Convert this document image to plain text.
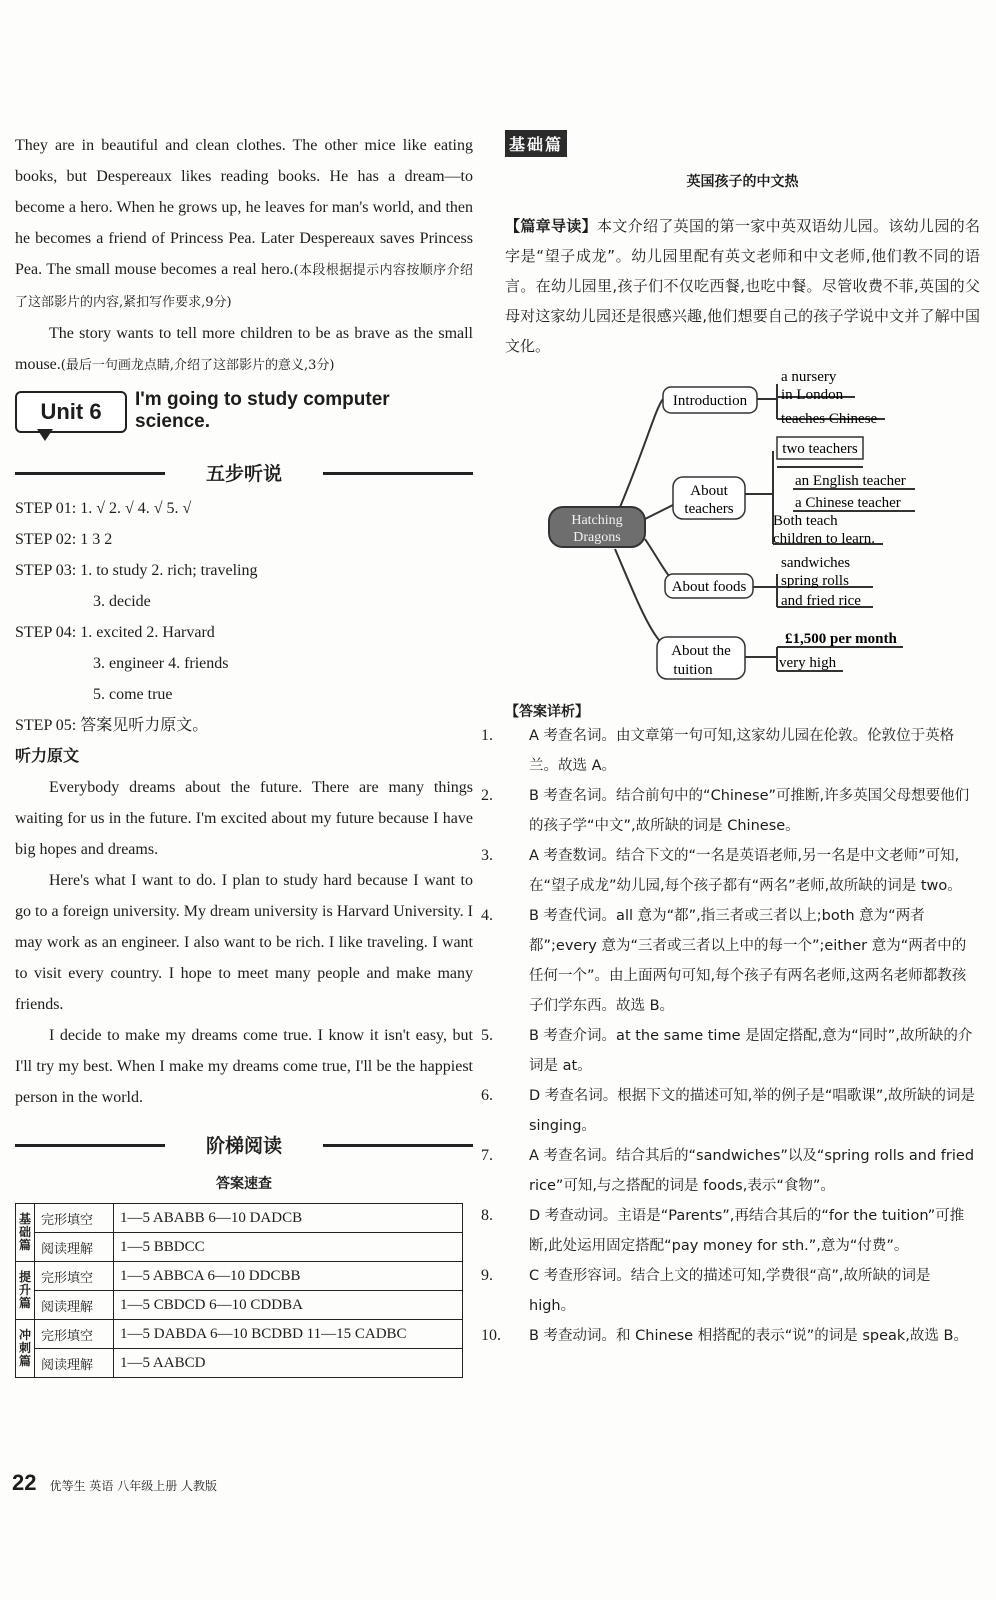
They are in beautiful and clean clothes. The other mice like eating books, but Despereaux likes reading books. He has a dream—to become a hero. When he grows up, he leaves for man's world, and then he becomes a friend of Princess Pea. Later Despereaux saves Princess Pea. The small mouse becomes a real hero.(本段根据提示内容按顺序介绍了这部影片的内容,紧扣写作要求,9分)

The story wants to tell more children to be as brave as the small mouse.(最后一句画龙点睛,介绍了这部影片的意义,3分)

Unit 6	I'm going to study computer
science.
五步听说
STEP 01: 1. √ 2. √ 4. √ 5. √
STEP 02: 1 3 2
STEP 03: 1. to study 2. rich; traveling
3. decide
STEP 04: 1. excited 2. Harvard
3. engineer 4. friends
5. come true
STEP 05: 答案见听力原文。
听力原文

Everybody dreams about the future. There are many things waiting for us in the future. I'm excited about my future because I have big hopes and dreams.

Here's what I want to do. I plan to study hard because I want to go to a foreign university. My dream university is Harvard University. I may work as an engineer. I also want to be rich. I like traveling. I want to visit every country. I hope to meet many people and make many friends.

I decide to make my dreams come true. I know it isn't easy, but I'll try my best. When I make my dreams come true, I'll be the happiest person in the world.

阶梯阅读
答案速查
基础篇	完形填空	1—5 ABABB 6—10 DADCB
	阅读理解	1—5 BBDCC
提升篇	完形填空	1—5 ABBCA 6—10 DDCBB
	阅读理解	1—5 CBDCD 6—10 CDDBA
冲刺篇	完形填空	1—5 DABDA 6—10 BCDBD 11—15 CADBC
	阅读理解	1—5 AABCD
基础篇
英国孩子的中文热

【篇章导读】本文介绍了英国的第一家中英双语幼儿园。该幼儿园的名字是“望子成龙”。幼儿园里配有英文老师和中文老师,他们教不同的语言。在幼儿园里,孩子们不仅吃西餐,也吃中餐。尽管收费不菲,英国的父母对这家幼儿园还是很感兴趣,他们想要自己的孩子学说中文并了解中国文化。

Hatching
Dragons
Introduction
a nursery
in London
teaches Chinese
About
teachers
two teachers
an English teacher
a Chinese teacher
Both teach
children to learn.
About foods
sandwiches
spring rolls
and fried rice
About the
tuition
£1,500 per month
very high
【答案详析】
1. A 考查名词。由文章第一句可知,这家幼儿园在伦敦。伦敦位于英格兰。故选 A。
2. B 考查名词。结合前句中的“Chinese”可推断,许多英国父母想要他们的孩子学“中文”,故所缺的词是 Chinese。
3. A 考查数词。结合下文的“一名是英语老师,另一名是中文老师”可知,在“望子成龙”幼儿园,每个孩子都有“两名”老师,故所缺的词是 two。
4. B 考查代词。all 意为“都”,指三者或三者以上;both 意为“两者都”;every 意为“三者或三者以上中的每一个”;either 意为“两者中的任何一个”。由上面两句可知,每个孩子有两名老师,这两名老师都教孩子们学东西。故选 B。
5. B 考查介词。at the same time 是固定搭配,意为“同时”,故所缺的介词是 at。
6. D 考查名词。根据下文的描述可知,举的例子是“唱歌课”,故所缺的词是 singing。
7. A 考查名词。结合其后的“sandwiches”以及“spring rolls and fried rice”可知,与之搭配的词是 foods,表示“食物”。
8. D 考查动词。主语是“Parents”,再结合其后的“for the tuition”可推断,此处运用固定搭配“pay money for sth.”,意为“付费”。
9. C 考查形容词。结合上文的描述可知,学费很“高”,故所缺的词是 high。
10. B 考查动词。和 Chinese 相搭配的表示“说”的词是 speak,故选 B。
22 优等生 英语 八年级上册 人教版
